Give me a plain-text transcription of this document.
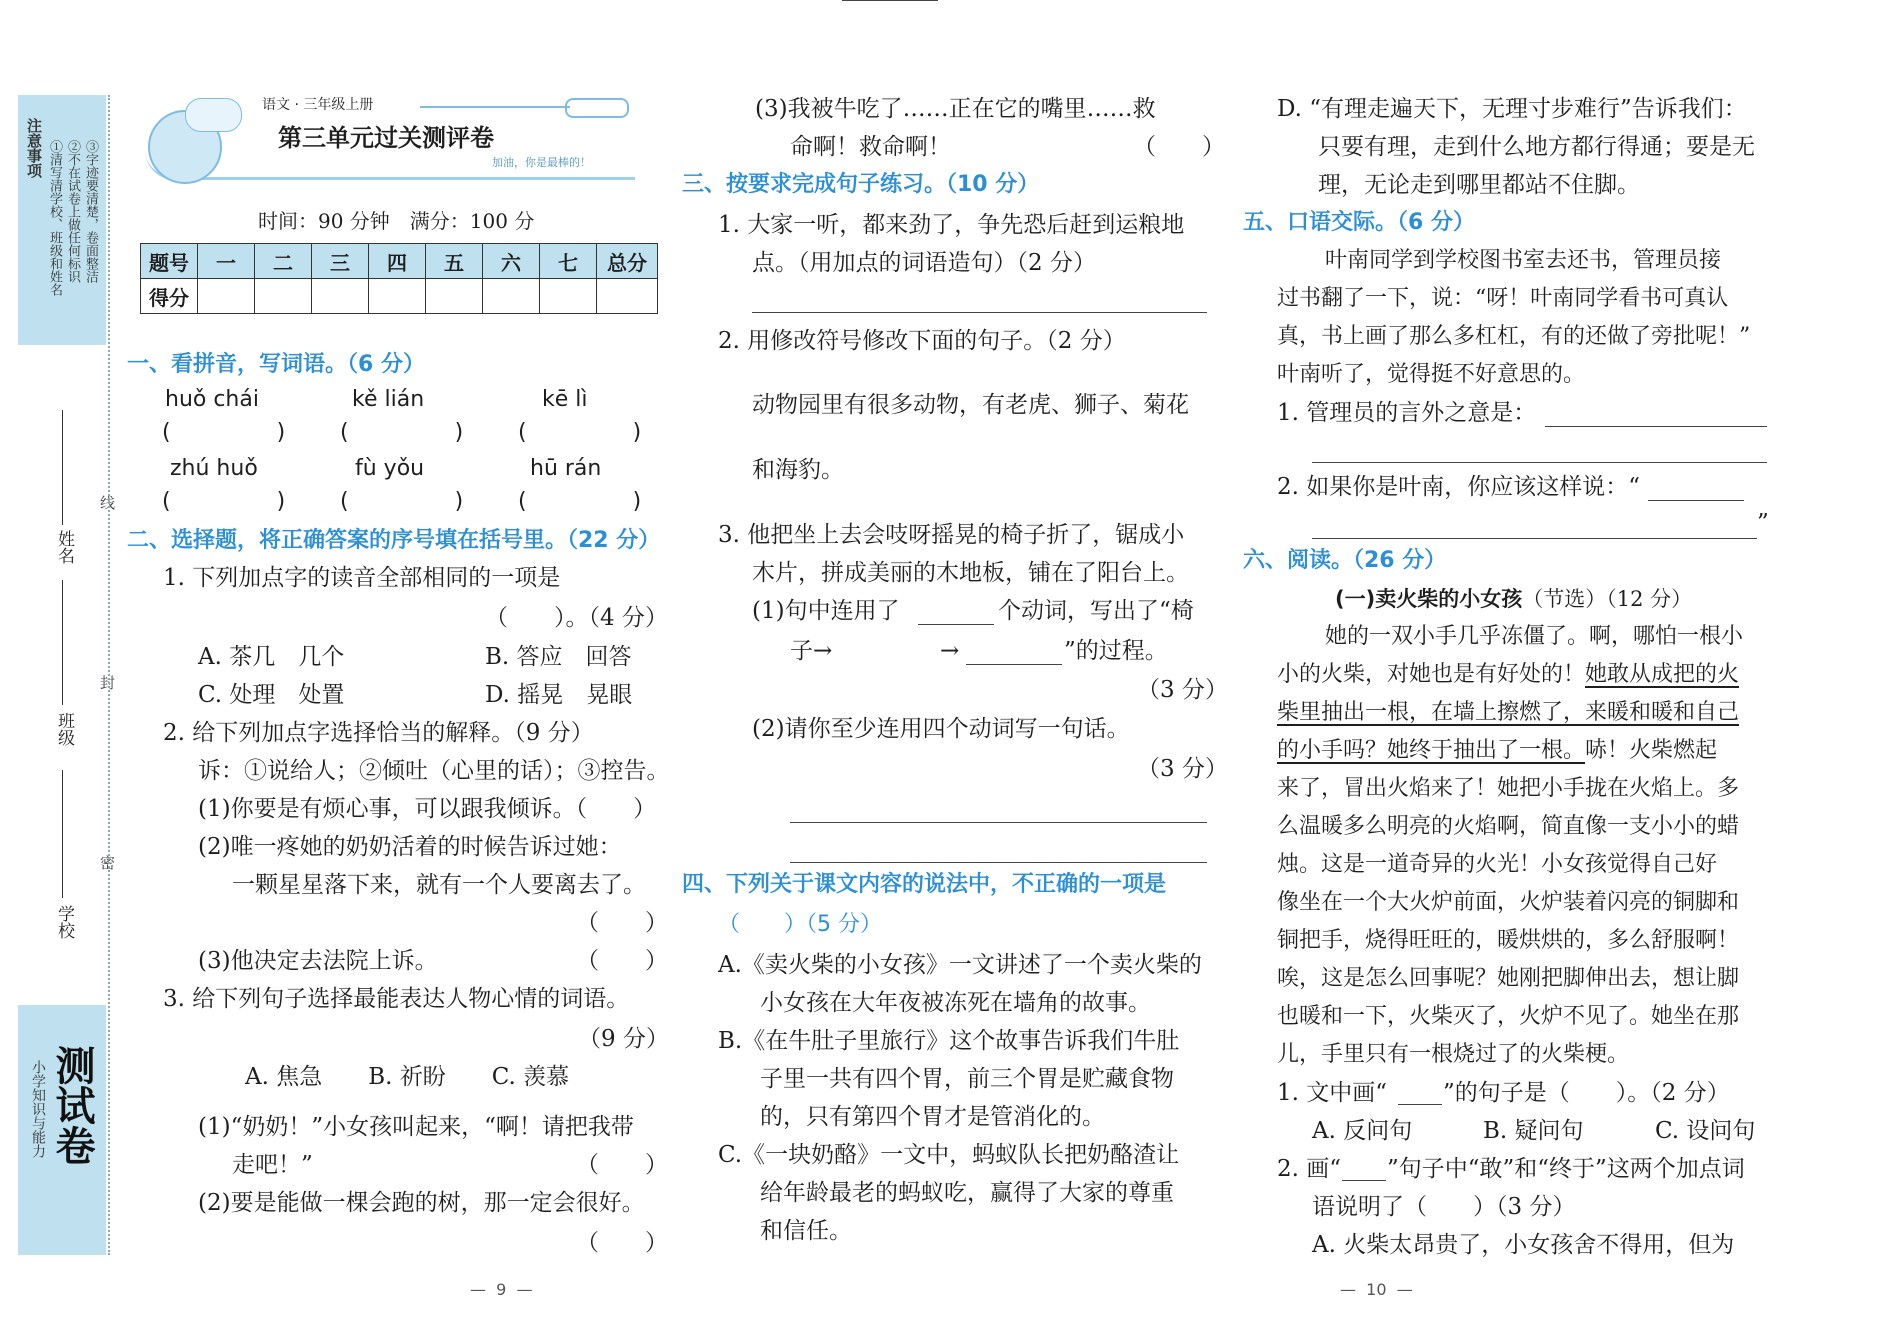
注意事项 ①清写清学校、班级和姓名 ②不在试卷上做任何标识 ③字迹要清楚，卷面整洁
学校
班级
姓名
线
封
密
小学知识与能力 测试卷
语文 · 三年级上册
第三单元过关测评卷
加油，你是最棒的！
时间：90 分钟　满分：100 分
题号	一	二	三	四	五	六	七	总分
得分								
一、看拼音，写词语。（6 分）
huǒ chái	kě lián	kē lì
(　　　) (　　　) (　　　)
zhú huǒ	fù yǒu	hū rán
(　　　) (　　　) (　　　)
二、选择题，将正确答案的序号填在括号里。（22 分）
1. 下列加点字的读音全部相同的一项是
（　　）。（4 分）
A. 茶几　几个	B. 答应　回答
C. 处理　处置	D. 摇晃　晃眼
2. 给下列加点字选择恰当的解释。（9 分）
诉：①说给人；②倾吐（心里的话）；③控告。
(1)你要是有烦心事，可以跟我倾诉。（　　）
(2)唯一疼她的奶奶活着的时候告诉过她：
一颗星星落下来，就有一个人要离去了。
（　　）
(3)他决定去法院上诉。	（　　）
3. 给下列句子选择最能表达人物心情的词语。
（9 分）
A. 焦急　　B. 祈盼　　C. 羡慕
(1)“奶奶！”小女孩叫起来，“啊！请把我带
走吧！”	（　　）
(2)要是能做一棵会跑的树，那一定会很好。
（　　）
(3)我被牛吃了……正在它的嘴里……救
命啊！救命啊！	（　　）
三、按要求完成句子练习。（10 分）
1. 大家一听，都来劲了，争先恐后赶到运粮地
点。（用加点的词语造句）（2 分）
2. 用修改符号修改下面的句子。（2 分）
动物园里有很多动物，有老虎、狮子、菊花
和海豹。
3. 他把坐上去会吱呀摇晃的椅子折了，锯成小
木片，拼成美丽的木地板，铺在了阳台上。
(1)句中连用了	个动词，写出了“椅
子→	→	”的过程。
（3 分）
(2)请你至少连用四个动词写一句话。
（3 分）
四、下列关于课文内容的说法中，不正确的一项是
（　　）（5 分）
A.《卖火柴的小女孩》一文讲述了一个卖火柴的
小女孩在大年夜被冻死在墙角的故事。
B.《在牛肚子里旅行》这个故事告诉我们牛肚
子里一共有四个胃，前三个胃是贮藏食物
的，只有第四个胃才是管消化的。
C.《一块奶酪》一文中，蚂蚁队长把奶酪渣让
给年龄最老的蚂蚁吃，赢得了大家的尊重
和信任。
—  9  —
D. “有理走遍天下，无理寸步难行”告诉我们：
只要有理，走到什么地方都行得通；要是无
理，无论走到哪里都站不住脚。
五、口语交际。（6 分）
叶南同学到学校图书室去还书，管理员接
过书翻了一下，说：“呀！叶南同学看书可真认
真，书上画了那么多杠杠，有的还做了旁批呢！”
叶南听了，觉得挺不好意思的。
1. 管理员的言外之意是：
2. 如果你是叶南，你应该这样说：“
”
六、阅读。（26 分）
(一)卖火柴的小女孩（节选）（12 分）
她的一双小手几乎冻僵了。啊，哪怕一根小
小的火柴，对她也是有好处的！她敢从成把的火
柴里抽出一根，在墙上擦燃了，来暖和暖和自己
的小手吗？她终于抽出了一根。哧！火柴燃起
来了，冒出火焰来了！她把小手拢在火焰上。多
么温暖多么明亮的火焰啊，简直像一支小小的蜡
烛。这是一道奇异的火光！小女孩觉得自己好
像坐在一个大火炉前面，火炉装着闪亮的铜脚和
铜把手，烧得旺旺的，暖烘烘的，多么舒服啊！
唉，这是怎么回事呢？她刚把脚伸出去，想让脚
也暖和一下，火柴灭了，火炉不见了。她坐在那
儿，手里只有一根烧过了的火柴梗。
1. 文中画“ ”的句子是（　　）。（2 分）
A. 反问句	B. 疑问句	C. 设问句
2. 画“ ”句子中“敢”和“终于”这两个加点词
语说明了（　　）（3 分）
A. 火柴太昂贵了，小女孩舍不得用，但为
—  10  —
